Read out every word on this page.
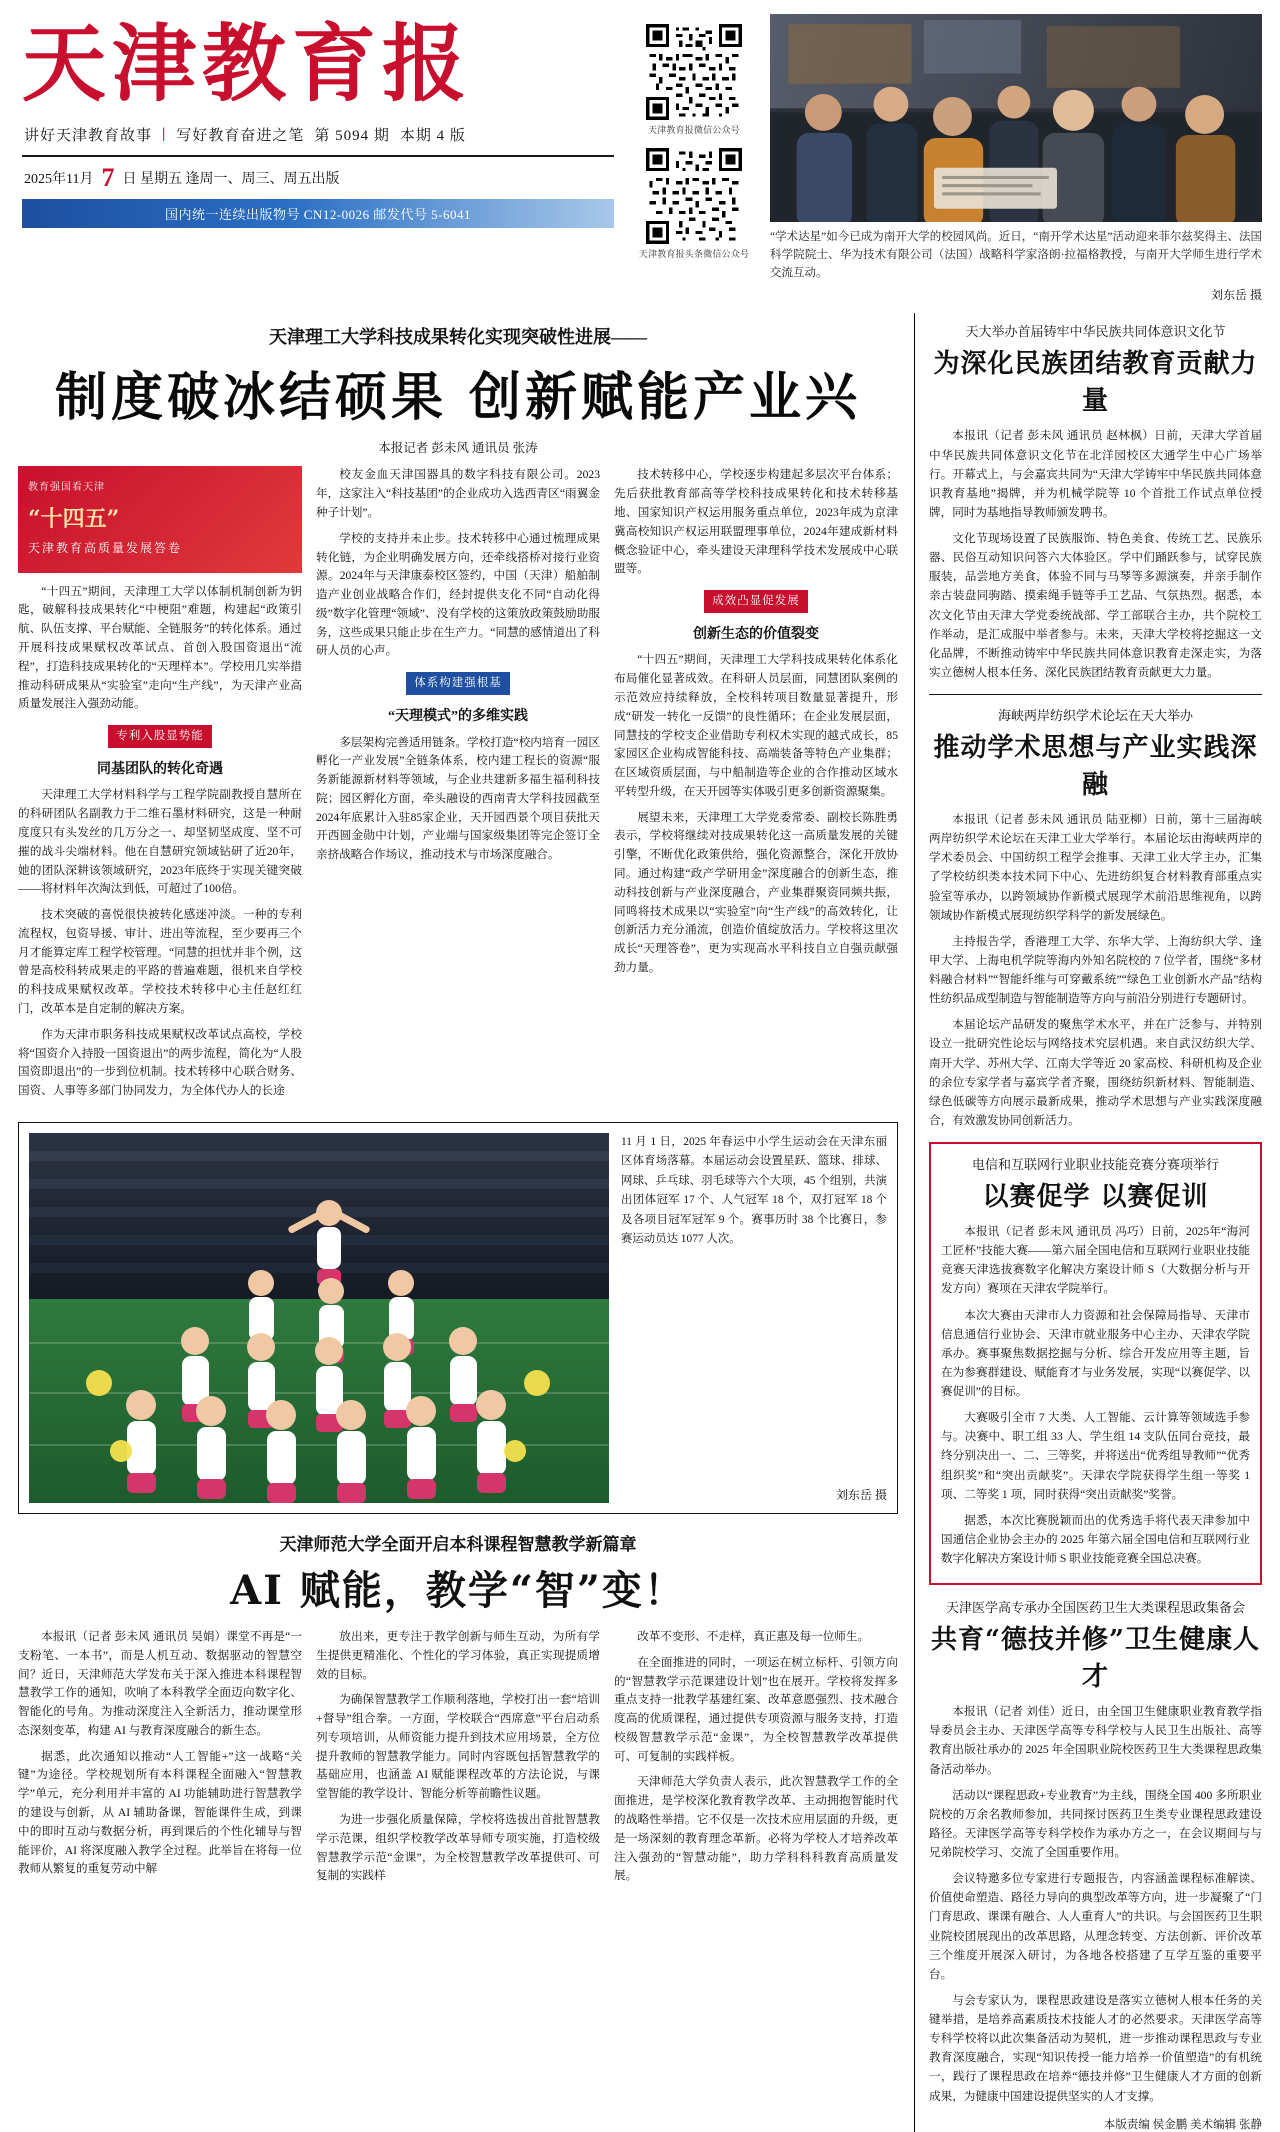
天津教育报
讲好天津教育故事 | 写好教育奋进之笔 第 5094 期 本期 4 版
2025年11月 7 日 星期五 逢周一、周三、周五出版
国内统一连续出版物号 CN12-0026 邮发代号 5-6041
天津教育报微信公众号
天津教育报头条微信公众号
“学术达星”如今已成为南开大学的校园风尚。近日，“南开学术达星”活动迎来菲尔兹奖得主、法国科学院院士、华为技术有限公司（法国）战略科学家洛朗·拉福格教授，与南开大学师生进行学术交流互动。
刘东岳 摄
天津理工大学科技成果转化实现突破性进展——
制度破冰结硕果 创新赋能产业兴
本报记者 彭未风 通讯员 张涛
教育强国看天津
“十四五”
天津教育高质量发展答卷

“十四五”期间，天津理工大学以体制机制创新为钥匙，破解科技成果转化“中梗阻”难题，构建起“政策引航、队伍支撑、平台赋能、全链服务”的转化体系。通过开展科技成果赋权改革试点、首创入股国资退出“流程”，打造科技成果转化的“天理样本”。学校用几实举措推动科研成果从“实验室”走向“生产线”，为天津产业高质量发展注入强劲动能。

专利入股显势能
同基团队的转化奇遇

天津理工大学材料科学与工程学院副教授自慧所在的科研团队名副教力于二维石墨材料研究，这是一种耐度度只有头发丝的几万分之一、却坚韧坚成度、坚不可摧的战斗尖端材料。他在自慧研究领域钻研了近20年，她的团队深耕该领域研究，2023年底终于实现关键突破——将材料年次淘汰到低，可超过了100倍。

技术突破的喜悦很快被转化感迷冲淡。一种的专利流程权，包资导援、审计、进出等流程，至少要再三个月才能算定库工程学校管理。“同慧的担忧并非个例，这曾是高校科转成果走的平路的普遍难题，很机来自学校的科技成果赋权改革。学校技术转移中心主任赵红红门，改革本是自定制的解决方案。

作为天津市职务科技成果赋权改革试点高校，学校将“国资介入持股一国资退出”的两步流程，简化为“人股国资即退出”的一步到位机制。技术转移中心联合财务、国资、人事等多部门协同发力，为全体代办人的长途

校友金血天津国器具的数字科技有限公司。2023年，这家注入“科技基团”的企业成功入选西青区“雨翼金种子计划”。

学校的支持并未止步。技术转移中心通过梳理成果转化链，为企业明确发展方向，还牵线搭桥对接行业资源。2024年与天津康泰校区签约，中国（天津）船舶制造产业创业战略合作们，经封提供支化不同“自动化得级”数字化管理“领域”、没有学校的这策放政策鼓励助服务，这些成果只能止步在生产力。“同慧的感情道出了科研人员的心声。

体系构建强根基
“天理模式”的多维实践

多层架构完善适用链条。学校打造“校内培育一园区孵化一产业发展”全链条体系，校内建工程长的资源“服务新能源新材料等领域，与企业共建新多福生福利科技院；园区孵化方面，牵头融设的西南青大学科技园截至2024年底累计入驻85家企业，天开园西景个项目获批天开西圆金勋中计划，产业端与国家级集团等完企签订全亲挤战略合作场议，推动技术与市场深度融合。

技术转移中心，学校逐步构建起多层次平台体系；先后获批教育部高等学校科技成果转化和技术转移基地、国家知识产权运用服务重点单位，2023年成为京津冀高校知识产权运用联盟理事单位，2024年建成新材料概念验证中心，牵头建设天津理科学技术发展成中心联盟等。

成效凸显促发展
创新生态的价值裂变

“十四五”期间，天津理工大学科技成果转化体系化布局催化显著成效。在科研人员层面，同慧团队案例的示范效应持续释放，全校科转项目数量显著提升，形成“研发一转化一反馈”的良性循环；在企业发展层面，同慧技的学校支企业借助专利权术实现的越式成长，85家园区企业构成智能科技、高端装备等特色产业集群；在区域资质层面，与中船制造等企业的合作推动区域水平转型升级，在天开园等实体吸引更多创新资源聚集。

展望未来，天津理工大学党委常委、副校长陈胜勇表示，学校将继续对技成果转化这一高质量发展的关键引擎，不断优化政策供给，强化资源整合，深化开放协同。通过构建“政产学研用金”深度融合的创新生态，推动科技创新与产业深度融合，产业集群聚资同频共振，同鸣将技术成果以“实验室”向“生产线”的高效转化，让创新活力充分涌流，创造价值绽放活力。学校将这里次成长“天理答卷”，更为实现高水平科技自立自强贡献强劲力量。

11 月 1 日，2025 年春运中小学生运动会在天津东丽区体育场落幕。本届运动会设置星跃、篮球、排球、网球、乒乓球、羽毛球等六个大项，45 个组别，共演出团体冠军 17 个、人气冠军 18 个，双打冠军 18 个及各项目冠军冠军 9 个。赛事历时 38 个比赛日，参赛运动员达 1077 人次。
刘东岳 摄
天津师范大学全面开启本科课程智慧教学新篇章
AI 赋能，教学“智”变！

本报讯（记者 彭未风 通讯员 吴娟）课堂不再是“一支粉笔、一本书”，而是人机互动、数据驱动的智慧空间？近日，天津师范大学发布关于深入推进本科课程智慧教学工作的通知，吹响了本科教学全面迈向数字化、智能化的号角。为推动深度注入全新活力，推动课堂形态深刻变革，构建 AI 与教育深度融合的新生态。

据悉，此次通知以推动“人工智能+”这一战略“关键”为途径。学校规划所有本科课程全面融入“智慧教学”单元，充分利用并丰富的 AI 功能辅助进行智慧教学的建设与创新，从 AI 辅助备课，智能课件生成，到课中的即时互动与数据分析，再到课后的个性化辅导与智能评价，AI 将深度融入教学全过程。此举旨在将每一位教师从繁复的重复劳动中解

放出来，更专注于教学创新与师生互动，为所有学生提供更精准化、个性化的学习体验，真正实现提质增效的目标。

为确保智慧教学工作顺利落地，学校打出一套“培训+督导”组合拳。一方面，学校联合“西席意”平台启动系列专项培训，从师资能力提升到技术应用场景，全方位提升教师的智慧教学能力。同时内容既包括智慧教学的基础应用，也涵盖 AI 赋能课程改革的方法论说，与课堂智能的教学设计、智能分析等前瞻性议题。

为进一步强化质量保障，学校将选拔出首批智慧教学示范课，组织学校教学改革导师专项实施，打造校级智慧教学示范“金课”，为全校智慧教学改革提供可、可复制的实践样

改革不变形、不走样，真正惠及每一位师生。

在全面推进的同时，一项运在树立标杆、引领方向的“智慧教学示范课建设计划”也在展开。学校将发挥多重点支持一批教学基建红案、改革意愿强烈、技术融合度高的优质课程，通过提供专项资源与服务支持，打造校级智慧教学示范“金课”，为全校智慧教学改革提供可、可复制的实践样板。

天津师范大学负责人表示，此次智慧教学工作的全面推进，是学校深化教育教学改革、主动拥抱智能时代的战略性举措。它不仅是一次技术应用层面的升级，更是一场深刻的教育理念革新。必将为学校人才培养改革注入强劲的“智慧动能”，助力学科科科教育高质量发展。

天大举办首届铸牢中华民族共同体意识文化节
为深化民族团结教育贡献力量

本报讯（记者 彭未风 通讯员 赵林枫）日前，天津大学首届中华民族共同体意识文化节在北洋园校区大通学生中心广场举行。开幕式上，与会嘉宾共同为“天津大学铸牢中华民族共同体意识教育基地”揭牌，并为机械学院等 10 个首批工作试点单位授牌，同时为基地指导教师颁发聘书。

文化节现场设置了民族服饰、特色美食、传统工艺、民族乐器、民俗互动知识问答六大体验区。学中们踊跃参与，试穿民族服装，品尝地方美食，体验不同与马琴等多源演奏，并亲手制作亲古装盘同驹踏、摸索绳手链等手工艺品、气氛热烈。据悉，本次文化节由天津大学党委统战部、学工部联合主办，共个院校工作举动，是汇成服中举者参与。未来，天津大学校将挖掘这一文化品牌，不断推动铸牢中华民族共同体意识教育走深走实，为落实立德树人根本任务、深化民族团结教育贡献更大力量。

海峡两岸纺织学术论坛在天大举办
推动学术思想与产业实践深融

本报讯（记者 彭未风 通讯员 陆亚柳）日前，第十三届海峡两岸纺织学术论坛在天津工业大学举行。本届论坛由海峡两岸的学术委员会、中国纺织工程学会推事、天津工业大学主办，汇集了学校纺织类本技术同下中心、先进纺织复合材料教育部重点实验室等承办，以跨领域协作新模式展现学术前沿思维视角，以跨领域协作新模式展现纺织学科学的新发展绿色。

主持报告学，香港理工大学、东华大学、上海纺织大学、逢甲大学、上海电机学院等海内外知名院校的 7 位学者，围绕“多材料融合材料”“智能纤维与可穿戴系统”“绿色工业创新水产品”结构性纺织品成型制造与智能制造等方向与前沿分别进行专题研讨。

本届论坛产品研发的聚焦学术水平，并在广泛参与、并特别设立一批研究性论坛与网络技术究层机遇。来自武汉纺织大学、南开大学、苏州大学、江南大学等近 20 家高校、科研机构及企业的余位专家学者与嘉宾学者齐聚，围绕纺织新材料、智能制造、绿色低碳等方向展示最新成果，推动学术思想与产业实践深度融合，有效激发协同创新活力。

电信和互联网行业职业技能竞赛分赛项举行
以赛促学 以赛促训

本报讯（记者 彭未风 通讯员 冯巧）日前，2025年“海河工匠杯”技能大赛——第六届全国电信和互联网行业职业技能竞赛天津选拔赛数字化解决方案设计师 S（大数据分析与开发方向）赛项在天津农学院举行。

本次大赛由天津市人力资源和社会保障局指导、天津市信息通信行业协会、天津市就业服务中心主办、天津农学院承办。赛事聚焦数据挖掘与分析、综合开发应用等主题，旨在为参赛群建设、赋能育才与业务发展，实现“以赛促学、以赛促训”的目标。

大赛吸引全市 7 大类、人工智能、云计算等领域选手参与。决赛中、职工组 33 人、学生组 14 支队伍同台竞技，最终分别决出一、二、三等奖，并将送出“优秀组导教师”“优秀组织奖”和“突出贡献奖”。天津农学院获得学生组一等奖 1 项、二等奖 1 项，同时获得“突出贡献奖”奖誉。

据悉，本次比赛脱颖而出的优秀选手将代表天津参加中国通信企业协会主办的 2025 年第六届全国电信和互联网行业数字化解决方案设计师 S 职业技能竞赛全国总决赛。

天津医学高专承办全国医药卫生大类课程思政集备会
共育“德技并修”卫生健康人才

本报讯（记者 刘佳）近日，由全国卫生健康职业教育教学指导委员会主办、天津医学高等专科学校与人民卫生出版社、高等教育出版社承办的 2025 年全国职业院校医药卫生大类课程思政集备活动举办。

活动以“课程思政+专业教育”为主线，围绕全国 400 多所职业院校的万余名教师参加，共同探讨医药卫生类专业课程思政建设路径。天津医学高等专科学校作为承办方之一，在会议期间与与兄弟院校学习、交流了全国重要作用。

会议特邀多位专家进行专题报告，内容涵盖课程标准解读、价值使命塑造、路径力导向的典型改革等方向，进一步凝聚了“门门育思政、课课有融合、人人重育人”的共识。与会国医药卫生职业院校团展现出的改革思路，从理念转变、方法创新、评价改革三个维度开展深入研讨，为各地各校搭建了互学互鉴的重要平台。

与会专家认为，课程思政建设是落实立德树人根本任务的关键举措，是培养高素质技术技能人才的必然要求。天津医学高等专科学校将以此次集备活动为契机，进一步推动课程思政与专业教育深度融合，实现“知识传授一能力培养一价值塑造”的有机统一，践行了课程思政在培养“德技并修”卫生健康人才方面的创新成果，为健康中国建设提供坚实的人才支撑。

本版责编 侯金鹏 美术编辑 张静
